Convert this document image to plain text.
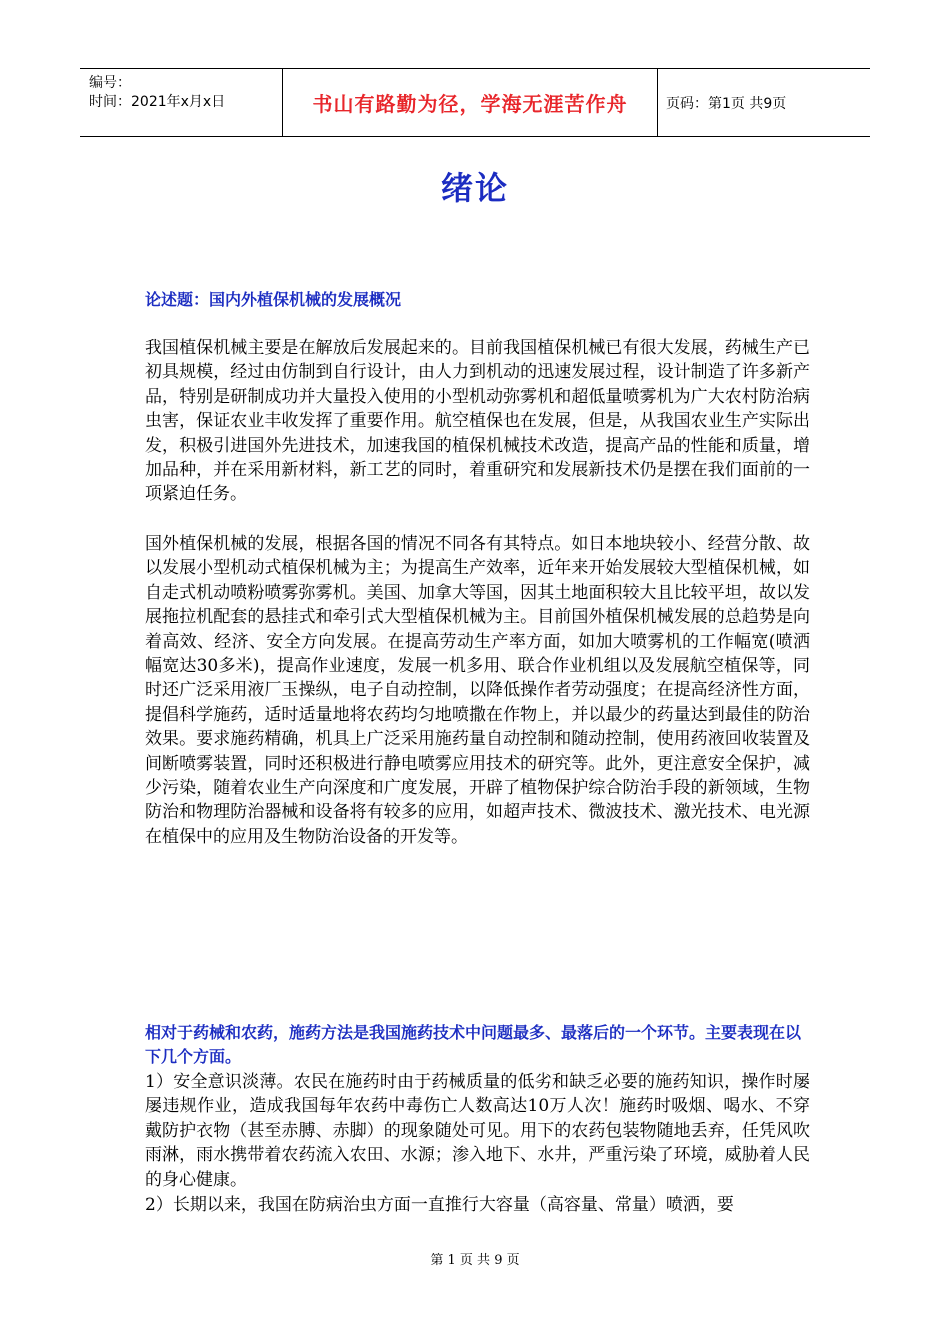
编号：
时间：2021年x月x日	书山有路勤为径，学海无涯苦作舟	页码：第1页 共9页
绪论
论述题：国内外植保机械的发展概况
我国植保机械主要是在解放后发展起来的。目前我国植保机械已有很大发展，药械生产已初具规模，经过由仿制到自行设计，由人力到机动的迅速发展过程，设计制造了许多新产品，特别是研制成功并大量投入使用的小型机动弥雾机和超低量喷雾机为广大农村防治病虫害，保证农业丰收发挥了重要作用。航空植保也在发展，但是，从我国农业生产实际出发，积极引进国外先进技术，加速我国的植保机械技术改造，提高产品的性能和质量，增加品种，并在采用新材料，新工艺的同时，着重研究和发展新技术仍是摆在我们面前的一项紧迫任务。
国外植保机械的发展，根据各国的情况不同各有其特点。如日本地块较小、经营分散、故以发展小型机动式植保机械为主；为提高生产效率，近年来开始发展较大型植保机械，如自走式机动喷粉喷雾弥雾机。美国、加拿大等国，因其土地面积较大且比较平坦，故以发展拖拉机配套的悬挂式和牵引式大型植保机械为主。目前国外植保机械发展的总趋势是向着高效、经济、安全方向发展。在提高劳动生产率方面，如加大喷雾机的工作幅宽(喷洒幅宽达30多米)，提高作业速度，发展一机多用、联合作业机组以及发展航空植保等，同时还广泛采用液厂玉操纵，电子自动控制，以降低操作者劳动强度；在提高经济性方面，提倡科学施药，适时适量地将农药均匀地喷撒在作物上，并以最少的药量达到最佳的防治效果。要求施药精确，机具上广泛采用施药量自动控制和随动控制，使用药液回收装置及间断喷雾装置，同时还积极进行静电喷雾应用技术的研究等。此外，更注意安全保护，减少污染，随着农业生产向深度和广度发展，开辟了植物保护综合防治手段的新领域，生物防治和物理防治器械和设备将有较多的应用，如超声技术、微波技术、激光技术、电光源在植保中的应用及生物防治设备的开发等。
相对于药械和农药，施药方法是我国施药技术中问题最多、最落后的一个环节。主要表现在以下几个方面。
1）安全意识淡薄。农民在施药时由于药械质量的低劣和缺乏必要的施药知识，操作时屡屡违规作业，造成我国每年农药中毒伤亡人数高达10万人次！施药时吸烟、喝水、不穿戴防护衣物（甚至赤膊、赤脚）的现象随处可见。用下的农药包装物随地丢弃，任凭风吹雨淋，雨水携带着农药流入农田、水源；渗入地下、水井，严重污染了环境，威胁着人民的身心健康。
2）长期以来，我国在防病治虫方面一直推行大容量（高容量、常量）喷洒，要
第 1 页 共 9 页
